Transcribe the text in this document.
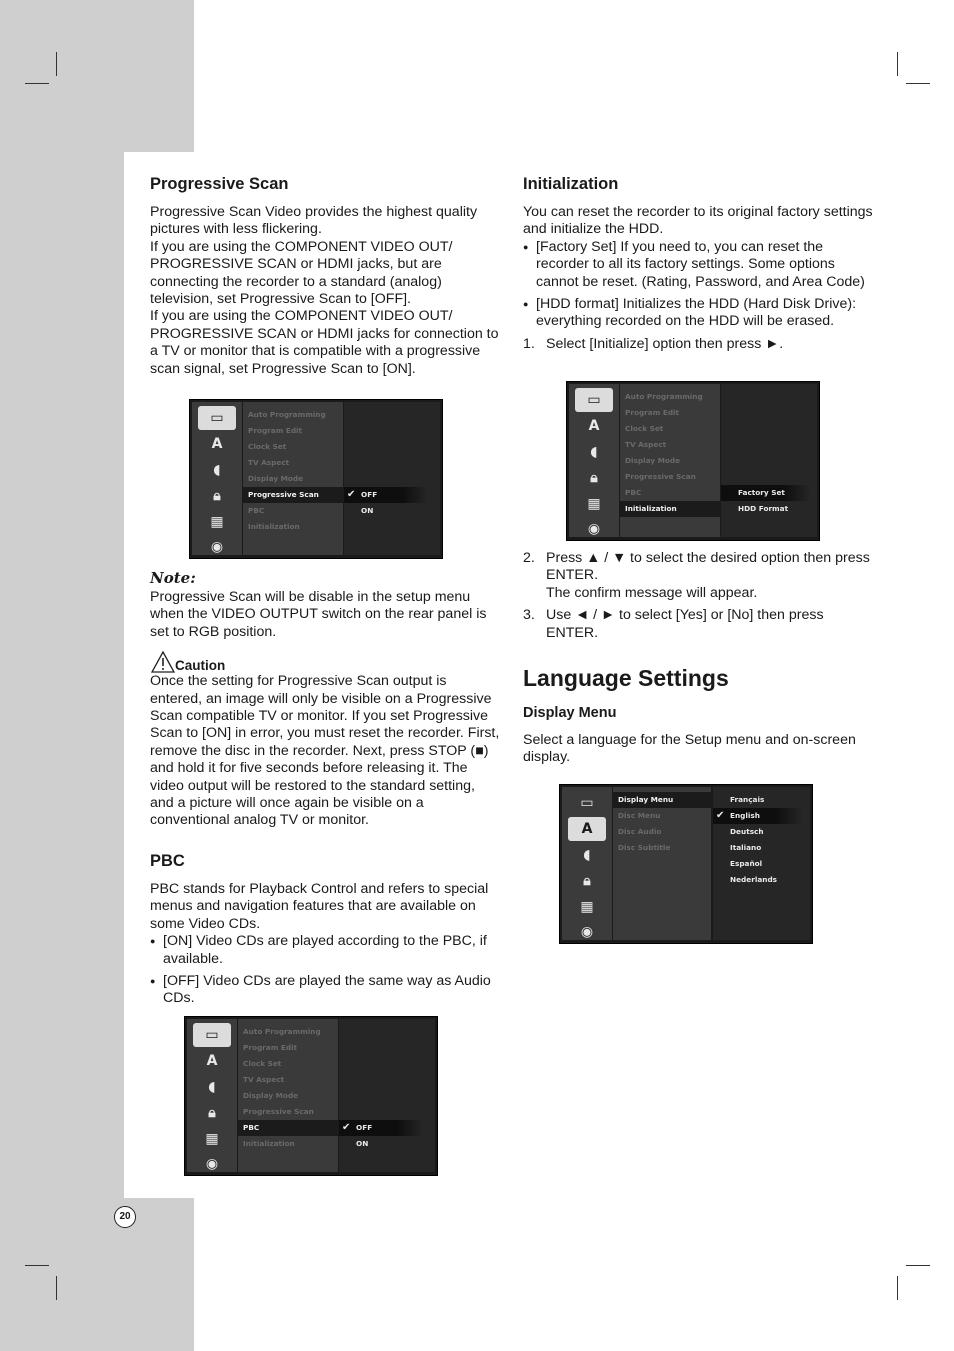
Progressive Scan

Progressive Scan Video provides the highest quality pictures with less flickering.

If you are using the COMPONENT VIDEO OUT/ PROGRESSIVE SCAN or HDMI jacks, but are connecting the recorder to a standard (analog) television, set Progressive Scan to [OFF].

If you are using the COMPONENT VIDEO OUT/ PROGRESSIVE SCAN or HDMI jacks for connection to a TV or monitor that is compatible with a progressive scan signal, set Progressive Scan to [ON].

▭
A
◖
🔒︎
▦
◉
Auto Programming
Program Edit
Clock Set
TV Aspect
Display Mode
Progressive Scan
PBC
Initialization
✔ OFF
ON
Note:

Progressive Scan will be disable in the setup menu when the VIDEO OUTPUT switch on the rear panel is set to RGB position.

Caution

Once the setting for Progressive Scan output is entered, an image will only be visible on a Progressive Scan compatible TV or monitor. If you set Progressive Scan to [ON] in error, you must reset the recorder. First, remove the disc in the recorder. Next, press STOP (■) and hold it for five seconds before releasing it. The video output will be restored to the standard setting, and a picture will once again be visible on a conventional analog TV or monitor.

PBC

PBC stands for Playback Control and refers to special menus and navigation features that are available on some Video CDs.

● [ON] Video CDs are played according to the PBC, if available.
● [OFF] Video CDs are played the same way as Audio CDs.
▭
A
◖
🔒︎
▦
◉
Auto Programming
Program Edit
Clock Set
TV Aspect
Display Mode
Progressive Scan
PBC
Initialization
✔ OFF
ON
20
Initialization

You can reset the recorder to its original factory settings and initialize the HDD.

● [Factory Set] If you need to, you can reset the recorder to all its factory settings. Some options cannot be reset. (Rating, Password, and Area Code)
● [HDD format] Initializes the HDD (Hard Disk Drive): everything recorded on the HDD will be erased.
1. Select [Initialize] option then press ►.
▭
A
◖
🔒︎
▦
◉
Auto Programming
Program Edit
Clock Set
TV Aspect
Display Mode
Progressive Scan
PBC
Initialization
Factory Set
HDD Format
2. Press ▲ / ▼ to select the desired option then press ENTER.
The confirm message will appear.
3. Use ◄ / ► to select [Yes] or [No] then press ENTER.
Language Settings
Display Menu

Select a language for the Setup menu and on-screen display.

▭
A
◖
🔒︎
▦
◉
Display Menu
Disc Menu
Disc Audio
Disc Subtitle
Français
✔ English
Deutsch
Italiano
Español
Nederlands
